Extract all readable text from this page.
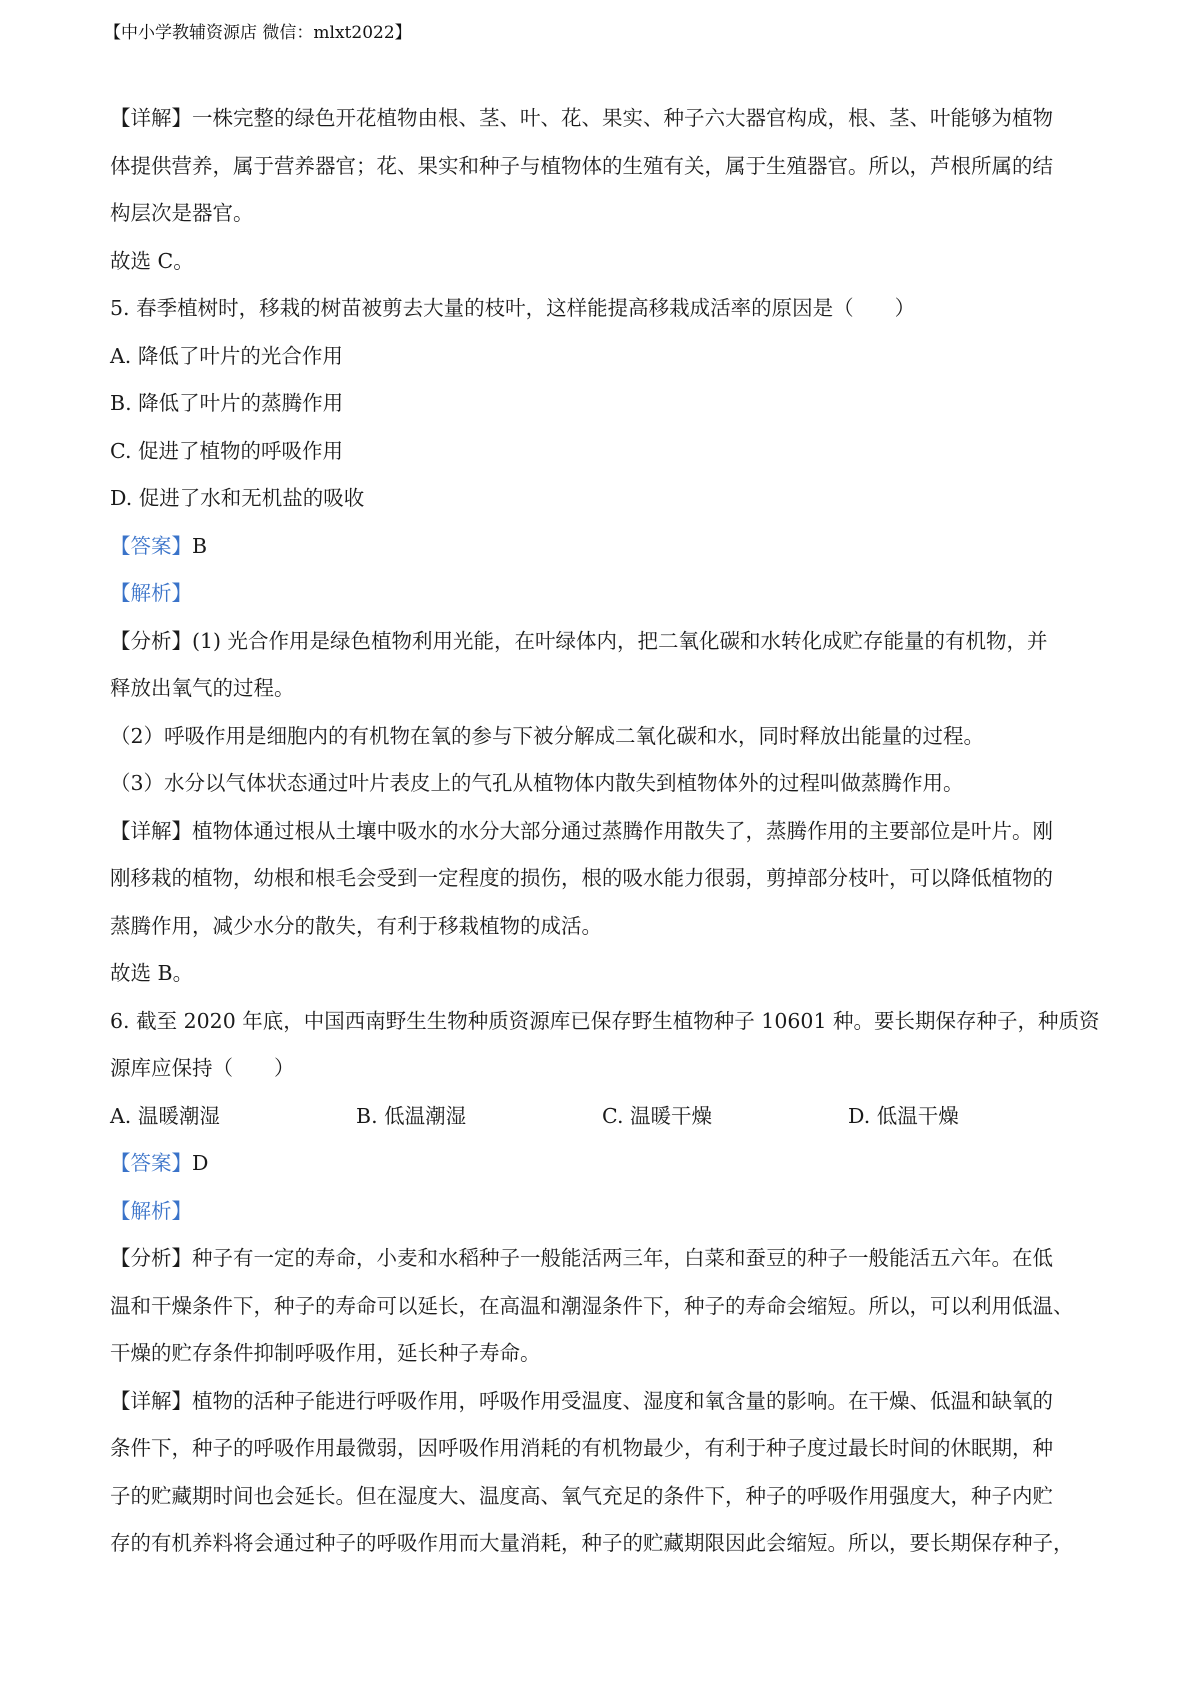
【中小学教辅资源店 微信：mlxt2022】

【详解】一株完整的绿色开花植物由根、茎、叶、花、果实、种子六大器官构成，根、茎、叶能够为植物

体提供营养，属于营养器官；花、果实和种子与植物体的生殖有关，属于生殖器官。所以，芦根所属的结

构层次是器官。

故选 C。

5. 春季植树时，移栽的树苗被剪去大量的枝叶，这样能提高移栽成活率的原因是（　　）

A. 降低了叶片的光合作用

B. 降低了叶片的蒸腾作用

C. 促进了植物的呼吸作用

D. 促进了水和无机盐的吸收

【答案】B

【解析】

【分析】(1) 光合作用是绿色植物利用光能，在叶绿体内，把二氧化碳和水转化成贮存能量的有机物，并

释放出氧气的过程。

（2）呼吸作用是细胞内的有机物在氧的参与下被分解成二氧化碳和水，同时释放出能量的过程。

（3）水分以气体状态通过叶片表皮上的气孔从植物体内散失到植物体外的过程叫做蒸腾作用。

【详解】植物体通过根从土壤中吸水的水分大部分通过蒸腾作用散失了，蒸腾作用的主要部位是叶片。刚

刚移栽的植物，幼根和根毛会受到一定程度的损伤，根的吸水能力很弱，剪掉部分枝叶，可以降低植物的

蒸腾作用，减少水分的散失，有利于移栽植物的成活。

故选 B。

6. 截至 2020 年底，中国西南野生生物种质资源库已保存野生植物种子 10601 种。要长期保存种子，种质资

源库应保持（　　）

A. 温暖潮湿	B. 低温潮湿	C. 温暖干燥	D. 低温干燥

【答案】D

【解析】

【分析】种子有一定的寿命，小麦和水稻种子一般能活两三年，白菜和蚕豆的种子一般能活五六年。在低

温和干燥条件下，种子的寿命可以延长，在高温和潮湿条件下，种子的寿命会缩短。所以，可以利用低温、

干燥的贮存条件抑制呼吸作用，延长种子寿命。

【详解】植物的活种子能进行呼吸作用，呼吸作用受温度、湿度和氧含量的影响。在干燥、低温和缺氧的

条件下，种子的呼吸作用最微弱，因呼吸作用消耗的有机物最少，有利于种子度过最长时间的休眠期，种

子的贮藏期时间也会延长。但在湿度大、温度高、氧气充足的条件下，种子的呼吸作用强度大，种子内贮

存的有机养料将会通过种子的呼吸作用而大量消耗，种子的贮藏期限因此会缩短。所以，要长期保存种子，
